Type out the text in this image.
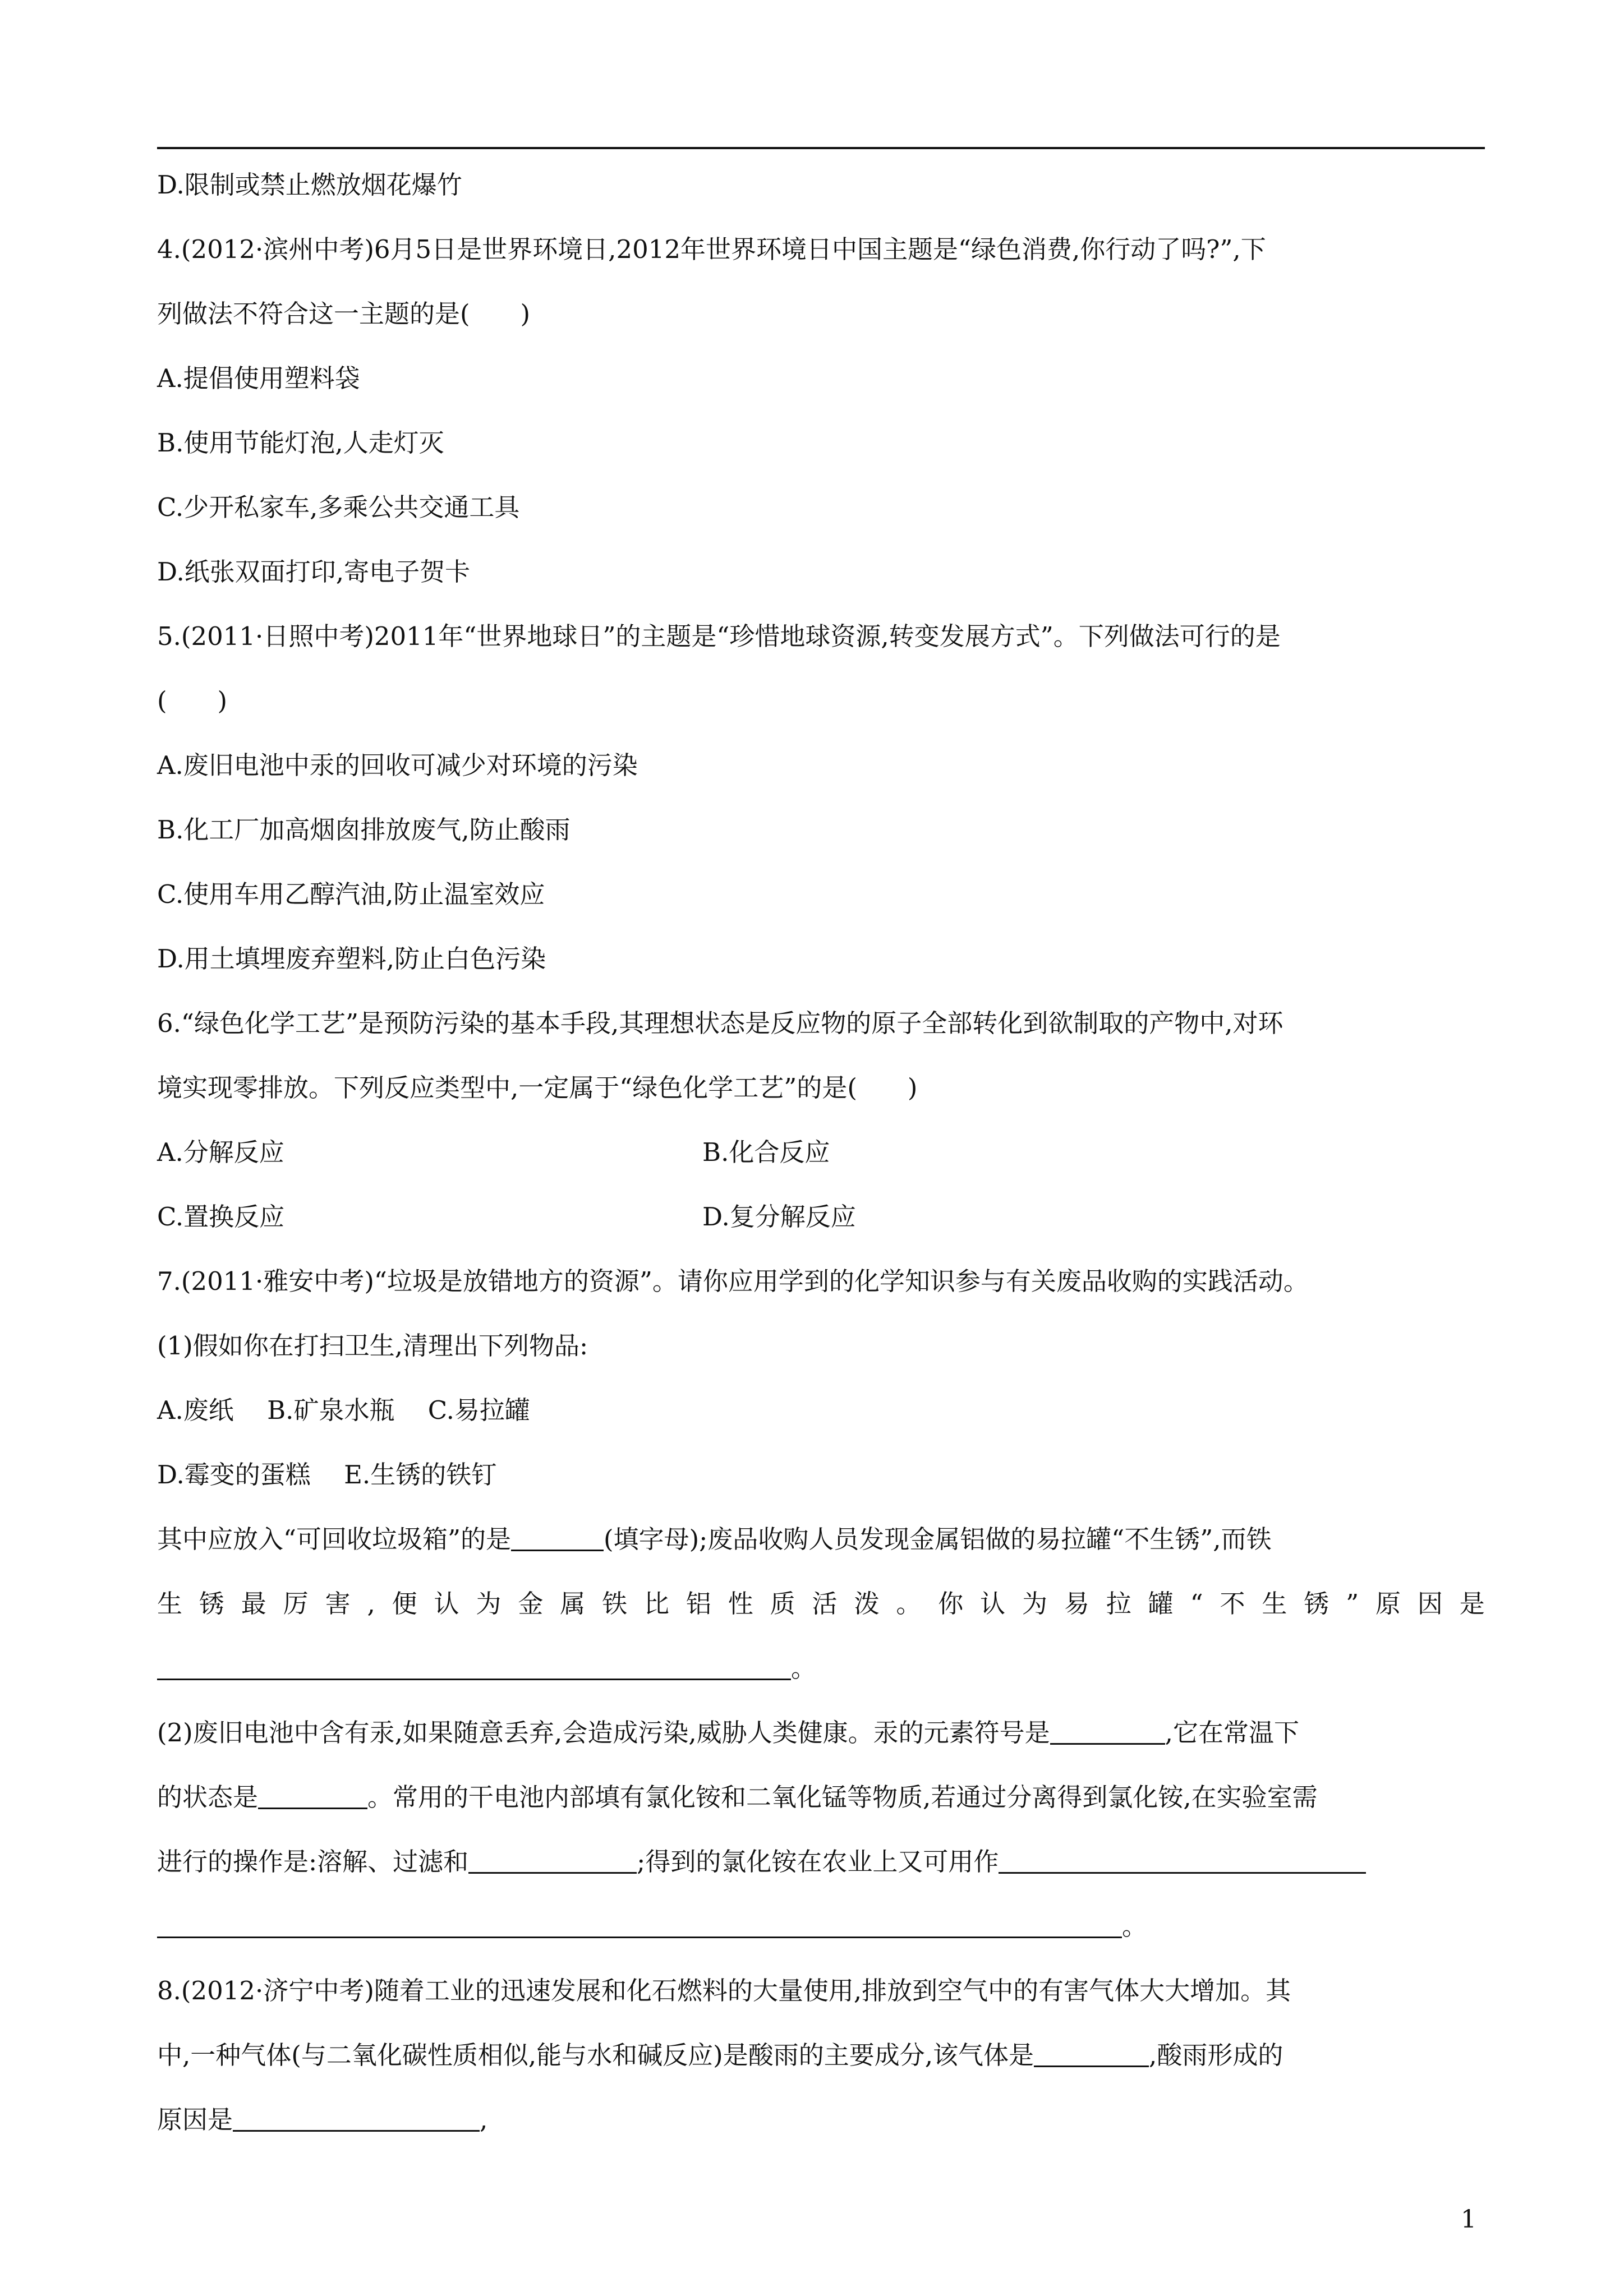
D.限制或禁止燃放烟花爆竹
4.(2012·滨州中考)6月5日是世界环境日,2012年世界环境日中国主题是“绿色消费,你行动了吗?”,下
列做法不符合这一主题的是(　　)
A.提倡使用塑料袋
B.使用节能灯泡,人走灯灭
C.少开私家车,多乘公共交通工具
D.纸张双面打印,寄电子贺卡
5.(2011·日照中考)2011年“世界地球日”的主题是“珍惜地球资源,转变发展方式”。下列做法可行的是
(　　)
A.废旧电池中汞的回收可减少对环境的污染
B.化工厂加高烟囱排放废气,防止酸雨
C.使用车用乙醇汽油,防止温室效应
D.用土填埋废弃塑料,防止白色污染
6.“绿色化学工艺”是预防污染的基本手段,其理想状态是反应物的原子全部转化到欲制取的产物中,对环
境实现零排放。下列反应类型中,一定属于“绿色化学工艺”的是(　　)
A.分解反应	B.化合反应
C.置换反应	D.复分解反应
7.(2011·雅安中考)“垃圾是放错地方的资源”。请你应用学到的化学知识参与有关废品收购的实践活动。
(1)假如你在打扫卫生,清理出下列物品:
A.废纸　 B.矿泉水瓶　 C.易拉罐
D.霉变的蛋糕　 E.生锈的铁钉
其中应放入“可回收垃圾箱”的是	(填字母);废品收购人员发现金属铝做的易拉罐“不生锈”,而铁
生 锈 最 厉 害 , 便 认 为 金 属 铁 比 铝 性 质 活 泼 。 你 认 为 易 拉 罐 “ 不 生 锈 ” 原 因 是
。
(2)废旧电池中含有汞,如果随意丢弃,会造成污染,威胁人类健康。汞的元素符号是	,它在常温下
的状态是	。常用的干电池内部填有氯化铵和二氧化锰等物质,若通过分离得到氯化铵,在实验室需
进行的操作是:溶解、过滤和	;得到的氯化铵在农业上又可用作
。
8.(2012·济宁中考)随着工业的迅速发展和化石燃料的大量使用,排放到空气中的有害气体大大增加。其
中,一种气体(与二氧化碳性质相似,能与水和碱反应)是酸雨的主要成分,该气体是	,酸雨形成的
原因是	,
1
